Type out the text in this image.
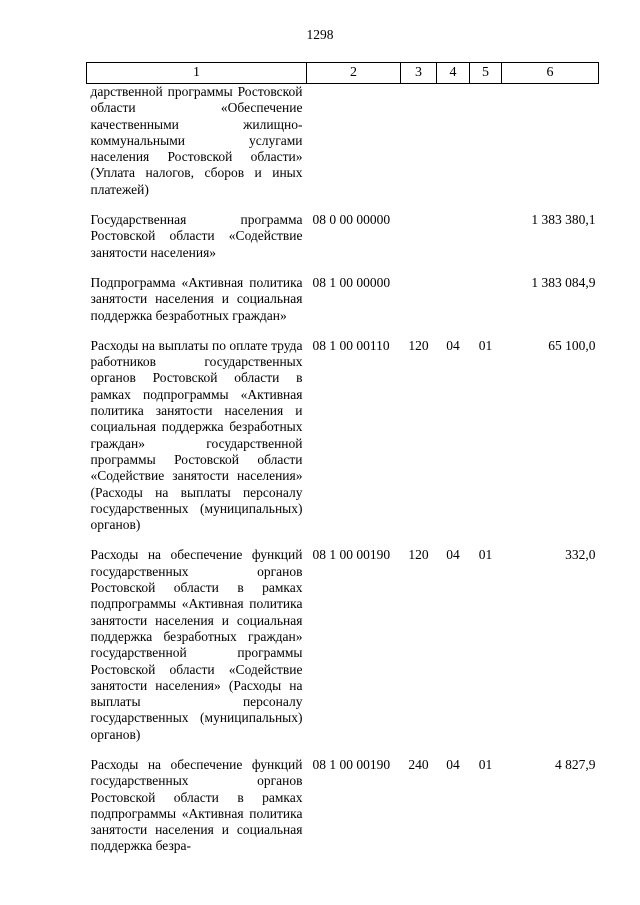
1298
1	2	3	4	5	6
дарственной программы Ростовской области «Обеспечение качественными жилищно-коммунальными услугами населения Ростовской области» (Уплата налогов, сборов и иных платежей)					
Государственная программа Ростовской области «Содействие занятости населения»	08 0 00 00000				1 383 380,1
Подпрограмма «Активная политика занятости населения и социальная поддержка безработных граждан»	08 1 00 00000				1 383 084,9
Расходы на выплаты по оплате труда работников государственных органов Ростовской области в рамках подпрограммы «Активная политика занятости населения и социальная поддержка безработных граждан» государственной программы Ростовской области «Содействие занятости населения» (Расходы на выплаты персоналу государственных (муниципальных) органов)	08 1 00 00110	120	04	01	65 100,0
Расходы на обеспечение функций государственных органов Ростовской области в рамках подпрограммы «Активная политика занятости населения и социальная поддержка безработных граждан» государственной программы Ростовской области «Содействие занятости населения» (Расходы на выплаты персоналу государственных (муниципальных) органов)	08 1 00 00190	120	04	01	332,0
Расходы на обеспечение функций государственных органов Ростовской области в рамках подпрограммы «Активная политика занятости населения и социальная поддержка безра-	08 1 00 00190	240	04	01	4 827,9
